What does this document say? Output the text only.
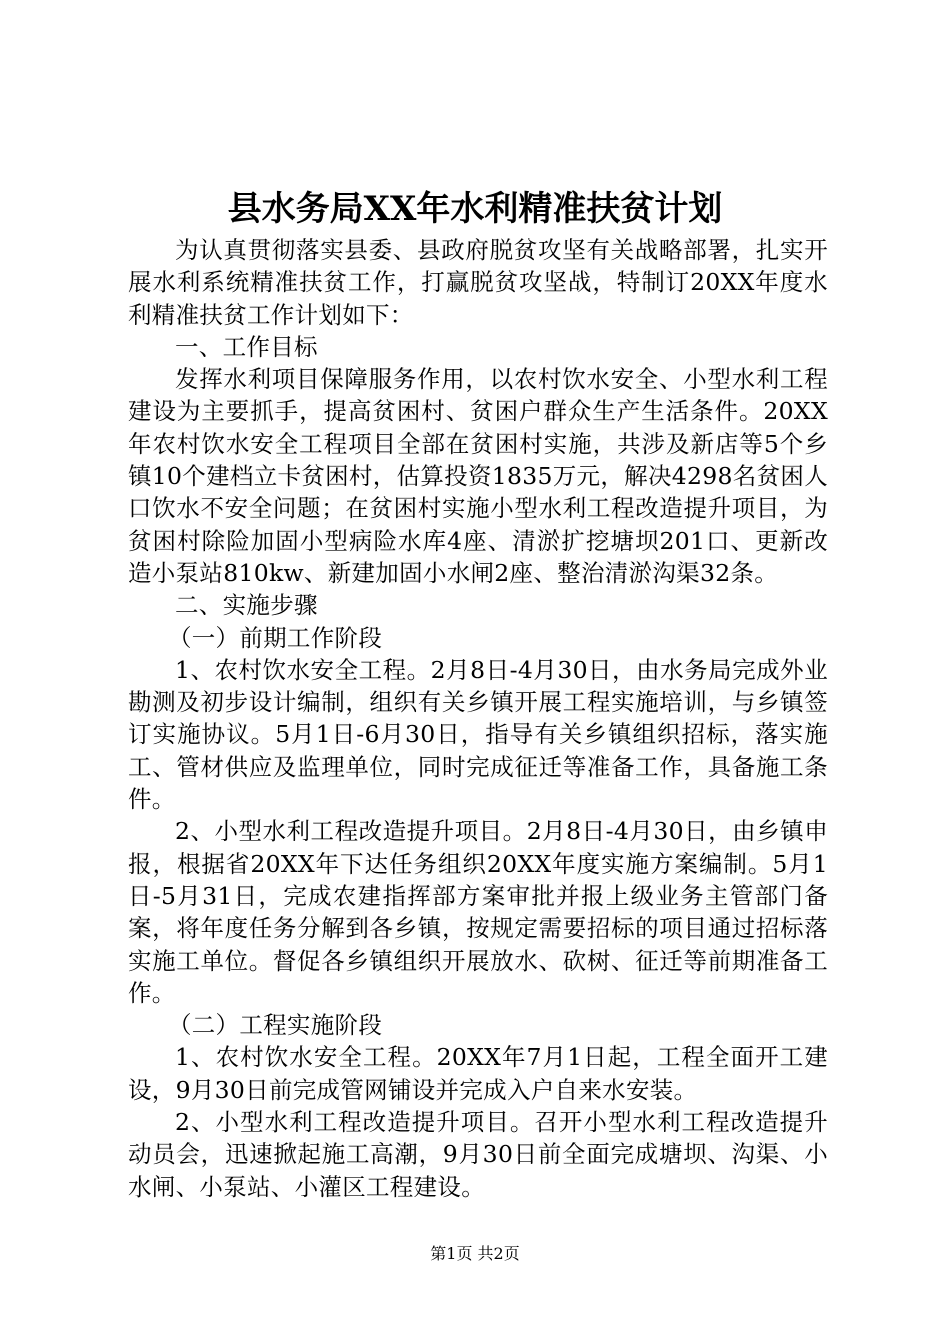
县水务局XX年水利精准扶贫计划

为认真贯彻落实县委、县政府脱贫攻坚有关战略部署，扎实开展水利系统精准扶贫工作，打赢脱贫攻坚战，特制订20XX年度水利精准扶贫工作计划如下：

一、工作目标

发挥水利项目保障服务作用，以农村饮水安全、小型水利工程建设为主要抓手，提高贫困村、贫困户群众生产生活条件。20XX年农村饮水安全工程项目全部在贫困村实施，共涉及新店等5个乡镇10个建档立卡贫困村，估算投资1835万元，解决4298名贫困人口饮水不安全问题；在贫困村实施小型水利工程改造提升项目，为贫困村除险加固小型病险水库4座、清淤扩挖塘坝201口、更新改造小泵站810kw、新建加固小水闸2座、整治清淤沟渠32条。

二、实施步骤

（一）前期工作阶段

1、农村饮水安全工程。2月8日-4月30日，由水务局完成外业勘测及初步设计编制，组织有关乡镇开展工程实施培训，与乡镇签订实施协议。5月1日-6月30日，指导有关乡镇组织招标，落实施工、管材供应及监理单位，同时完成征迁等准备工作，具备施工条件。

2、小型水利工程改造提升项目。2月8日-4月30日，由乡镇申报，根据省20XX年下达任务组织20XX年度实施方案编制。5月1日-5月31日，完成农建指挥部方案审批并报上级业务主管部门备案，将年度任务分解到各乡镇，按规定需要招标的项目通过招标落实施工单位。督促各乡镇组织开展放水、砍树、征迁等前期准备工作。

（二）工程实施阶段

1、农村饮水安全工程。20XX年7月1日起，工程全面开工建设，9月30日前完成管网铺设并完成入户自来水安装。

2、小型水利工程改造提升项目。召开小型水利工程改造提升动员会，迅速掀起施工高潮，9月30日前全面完成塘坝、沟渠、小水闸、小泵站、小灌区工程建设。

第1页 共2页
